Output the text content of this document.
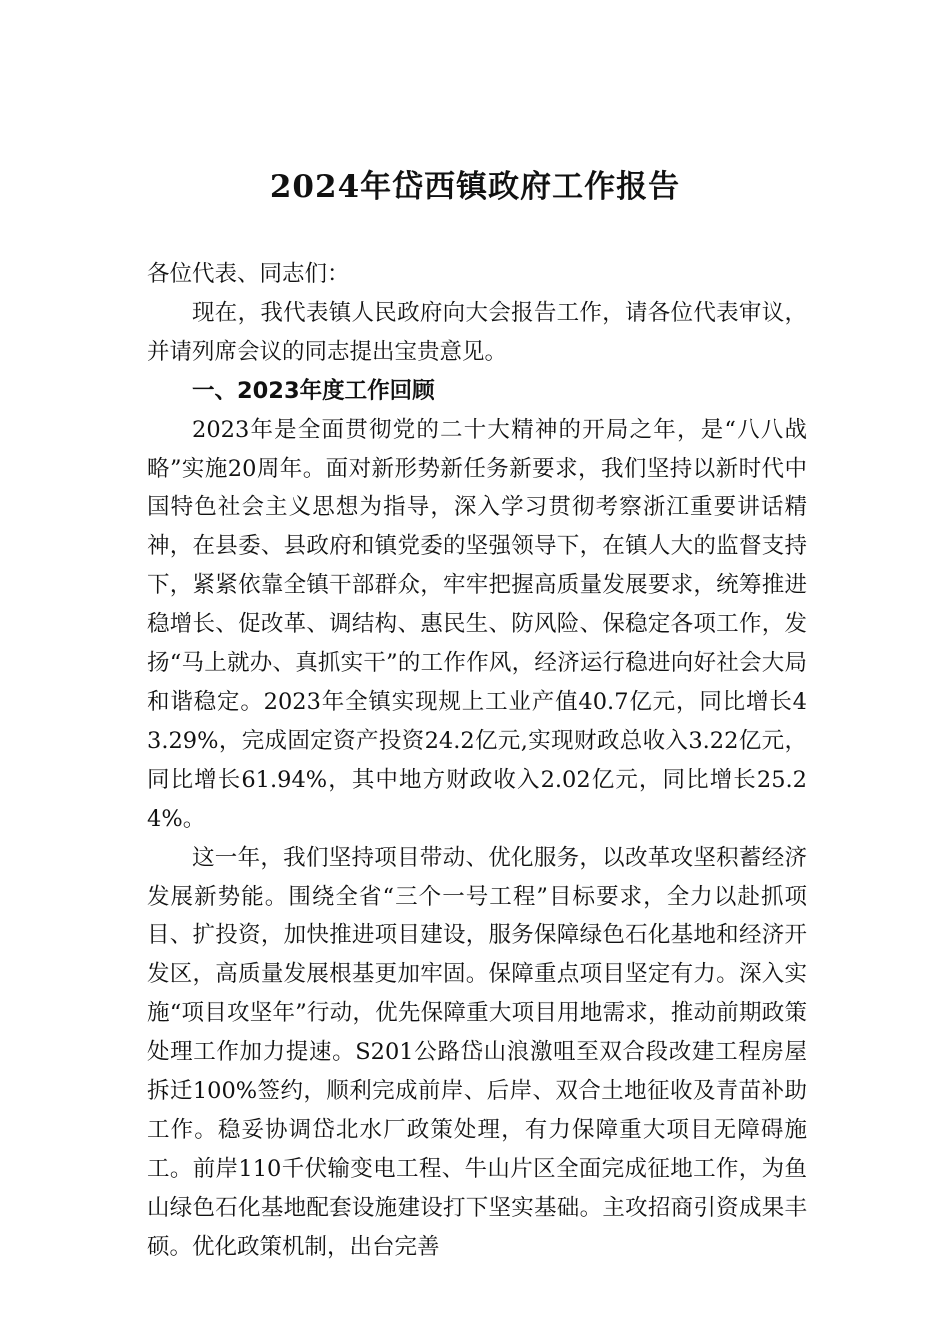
2024年岱西镇政府工作报告

各位代表、同志们：

现在，我代表镇人民政府向大会报告工作，请各位代表审议，并请列席会议的同志提出宝贵意见。

一、2023年度工作回顾

2023年是全面贯彻党的二十大精神的开局之年，是“八八战略”实施20周年。面对新形势新任务新要求，我们坚持以新时代中国特色社会主义思想为指导，深入学习贯彻考察浙江重要讲话精神，在县委、县政府和镇党委的坚强领导下，在镇人大的监督支持下，紧紧依靠全镇干部群众，牢牢把握高质量发展要求，统筹推进稳增长、促改革、调结构、惠民生、防风险、保稳定各项工作，发扬“马上就办、真抓实干”的工作作风，经济运行稳进向好社会大局和谐稳定。2023年全镇实现规上工业产值40.7亿元，同比增长43.29%，完成固定资产投资24.2亿元,实现财政总收入3.22亿元，同比增长61.94%，其中地方财政收入2.02亿元，同比增长25.24%。

这一年，我们坚持项目带动、优化服务，以改革攻坚积蓄经济发展新势能。围绕全省“三个一号工程”目标要求，全力以赴抓项目、扩投资，加快推进项目建设，服务保障绿色石化基地和经济开发区，高质量发展根基更加牢固。保障重点项目坚定有力。深入实施“项目攻坚年”行动，优先保障重大项目用地需求，推动前期政策处理工作加力提速。S201公路岱山浪激咀至双合段改建工程房屋拆迁100%签约，顺利完成前岸、后岸、双合土地征收及青苗补助工作。稳妥协调岱北水厂政策处理，有力保障重大项目无障碍施工。前岸110千伏输变电工程、牛山片区全面完成征地工作，为鱼山绿色石化基地配套设施建设打下坚实基础。主攻招商引资成果丰硕。优化政策机制，出台完善
